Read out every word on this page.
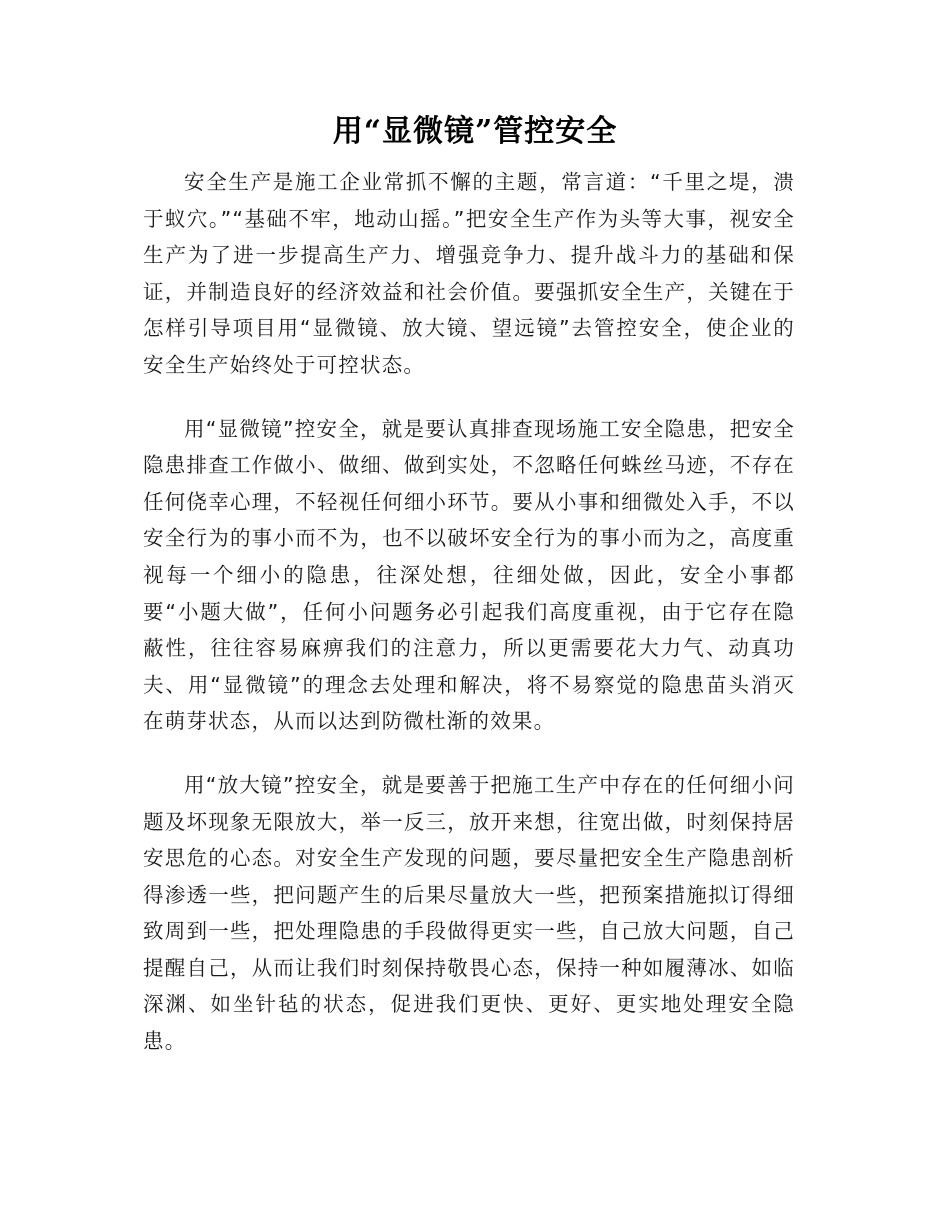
用“显微镜”管控安全

安全生产是施工企业常抓不懈的主题，常言道：“千里之堤，溃于蚁穴。”“基础不牢，地动山摇。”把安全生产作为头等大事，视安全生产为了进一步提高生产力、增强竞争力、提升战斗力的基础和保证，并制造良好的经济效益和社会价值。要强抓安全生产，关键在于怎样引导项目用“显微镜、放大镜、望远镜”去管控安全，使企业的安全生产始终处于可控状态。

用“显微镜”控安全，就是要认真排查现场施工安全隐患，把安全隐患排查工作做小、做细、做到实处，不忽略任何蛛丝马迹，不存在任何侥幸心理，不轻视任何细小环节。要从小事和细微处入手，不以安全行为的事小而不为，也不以破坏安全行为的事小而为之，高度重视每一个细小的隐患，往深处想，往细处做，因此，安全小事都要“小题大做”，任何小问题务必引起我们高度重视，由于它存在隐蔽性，往往容易麻痹我们的注意力，所以更需要花大力气、动真功夫、用“显微镜”的理念去处理和解决，将不易察觉的隐患苗头消灭在萌芽状态，从而以达到防微杜渐的效果。

用“放大镜”控安全，就是要善于把施工生产中存在的任何细小问题及坏现象无限放大，举一反三，放开来想，往宽出做，时刻保持居安思危的心态。对安全生产发现的问题，要尽量把安全生产隐患剖析得渗透一些，把问题产生的后果尽量放大一些，把预案措施拟订得细致周到一些，把处理隐患的手段做得更实一些，自己放大问题，自己提醒自己，从而让我们时刻保持敬畏心态，保持一种如履薄冰、如临深渊、如坐针毡的状态，促进我们更快、更好、更实地处理安全隐患。
